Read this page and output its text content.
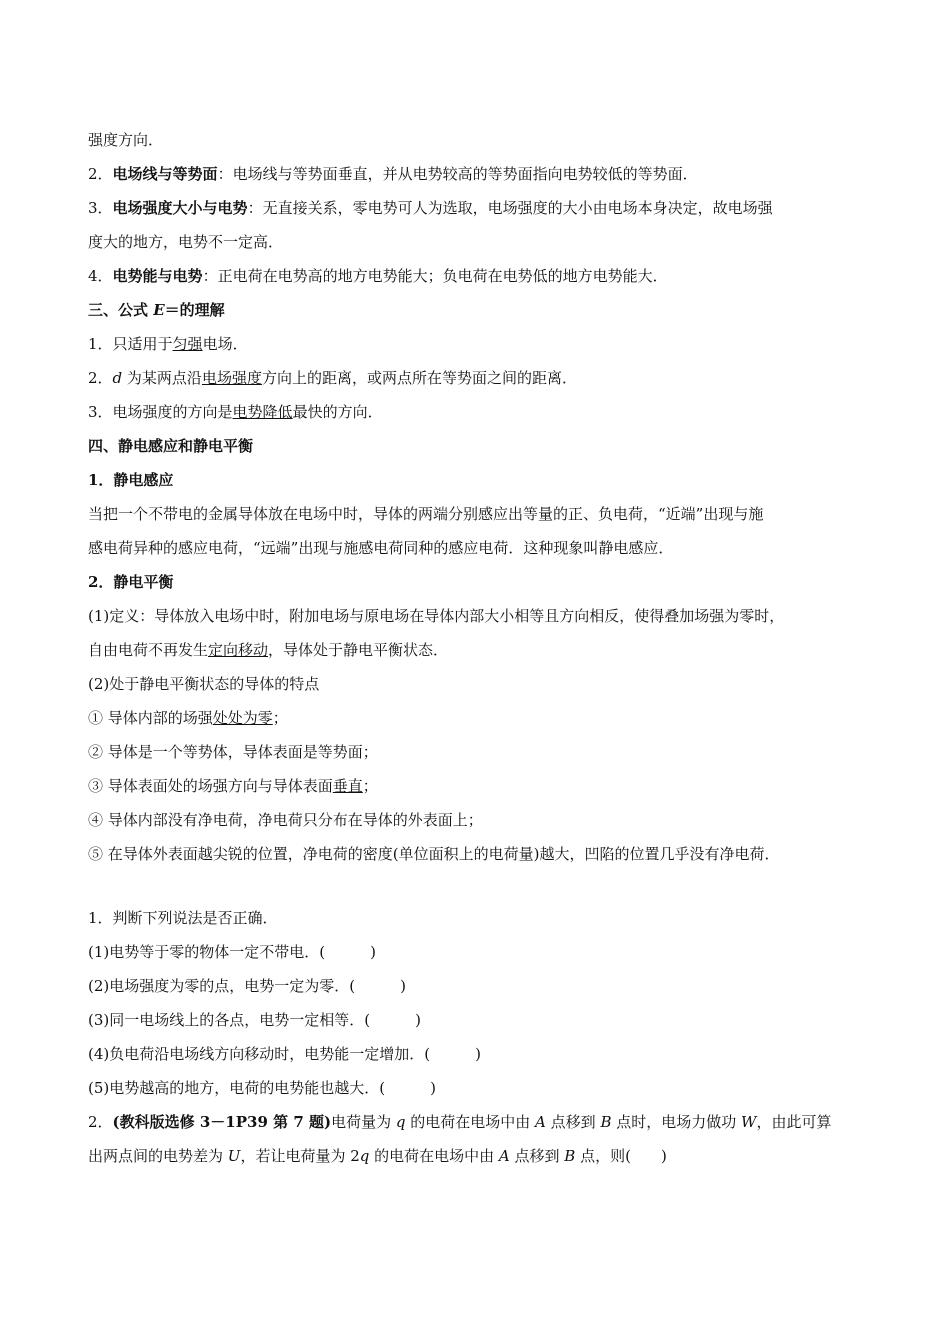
强度方向．
2．电场线与等势面：电场线与等势面垂直，并从电势较高的等势面指向电势较低的等势面．
3．电场强度大小与电势：无直接关系，零电势可人为选取，电场强度的大小由电场本身决定，故电场强
度大的地方，电势不一定高．
4．电势能与电势：正电荷在电势高的地方电势能大；负电荷在电势低的地方电势能大．
三、公式 E＝的理解
1．只适用于匀强电场．
2．d 为某两点沿电场强度方向上的距离，或两点所在等势面之间的距离．
3．电场强度的方向是电势降低最快的方向．
四、静电感应和静电平衡
1．静电感应
当把一个不带电的金属导体放在电场中时，导体的两端分别感应出等量的正、负电荷，“近端”出现与施
感电荷异种的感应电荷，“远端”出现与施感电荷同种的感应电荷．这种现象叫静电感应．
2．静电平衡
(1)定义：导体放入电场中时，附加电场与原电场在导体内部大小相等且方向相反，使得叠加场强为零时，
自由电荷不再发生定向移动，导体处于静电平衡状态．
(2)处于静电平衡状态的导体的特点
① 导体内部的场强处处为零；
② 导体是一个等势体，导体表面是等势面；
③ 导体表面处的场强方向与导体表面垂直；
④ 导体内部没有净电荷，净电荷只分布在导体的外表面上；
⑤ 在导体外表面越尖锐的位置，净电荷的密度(单位面积上的电荷量)越大，凹陷的位置几乎没有净电荷．
1．判断下列说法是否正确．
(1)电势等于零的物体一定不带电．(　　　)
(2)电场强度为零的点，电势一定为零．(　　　)
(3)同一电场线上的各点，电势一定相等．(　　　)
(4)负电荷沿电场线方向移动时，电势能一定增加．(　　　)
(5)电势越高的地方，电荷的电势能也越大．(　　　)
2．(教科版选修 3－1P39 第 7 题)电荷量为 q 的电荷在电场中由 A 点移到 B 点时，电场力做功 W，由此可算
出两点间的电势差为 U，若让电荷量为 2q 的电荷在电场中由 A 点移到 B 点，则(　　)
